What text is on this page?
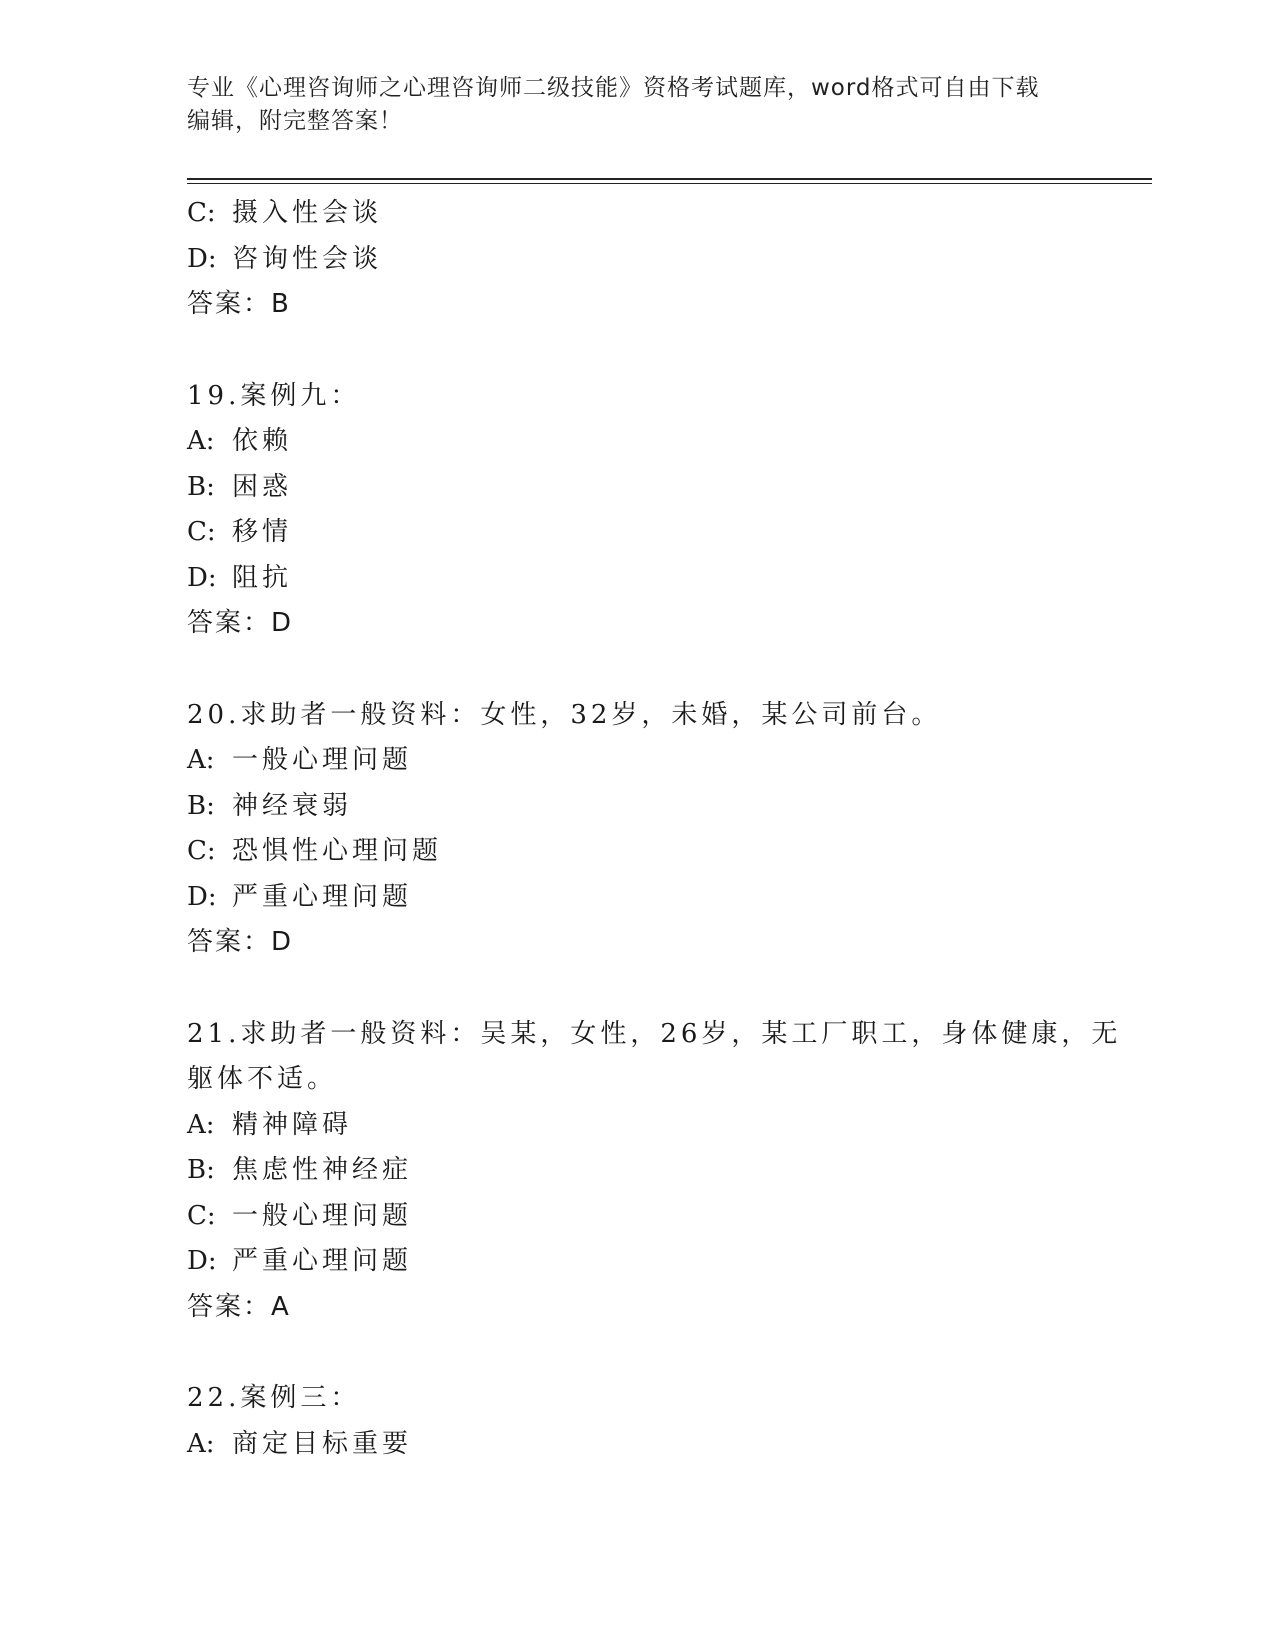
专业《心理咨询师之心理咨询师二级技能》资格考试题库，word格式可自由下载
编辑，附完整答案！
C: 摄入性会谈
D: 咨询性会谈
答案：B
19.案例九：
A: 依赖
B: 困惑
C: 移情
D: 阻抗
答案：D
20.求助者一般资料：女性，32岁，未婚，某公司前台。
A: 一般心理问题
B: 神经衰弱
C: 恐惧性心理问题
D: 严重心理问题
答案：D
21.求助者一般资料：吴某，女性，26岁，某工厂职工，身体健康，无
躯体不适。
A: 精神障碍
B: 焦虑性神经症
C: 一般心理问题
D: 严重心理问题
答案：A
22.案例三：
A: 商定目标重要
